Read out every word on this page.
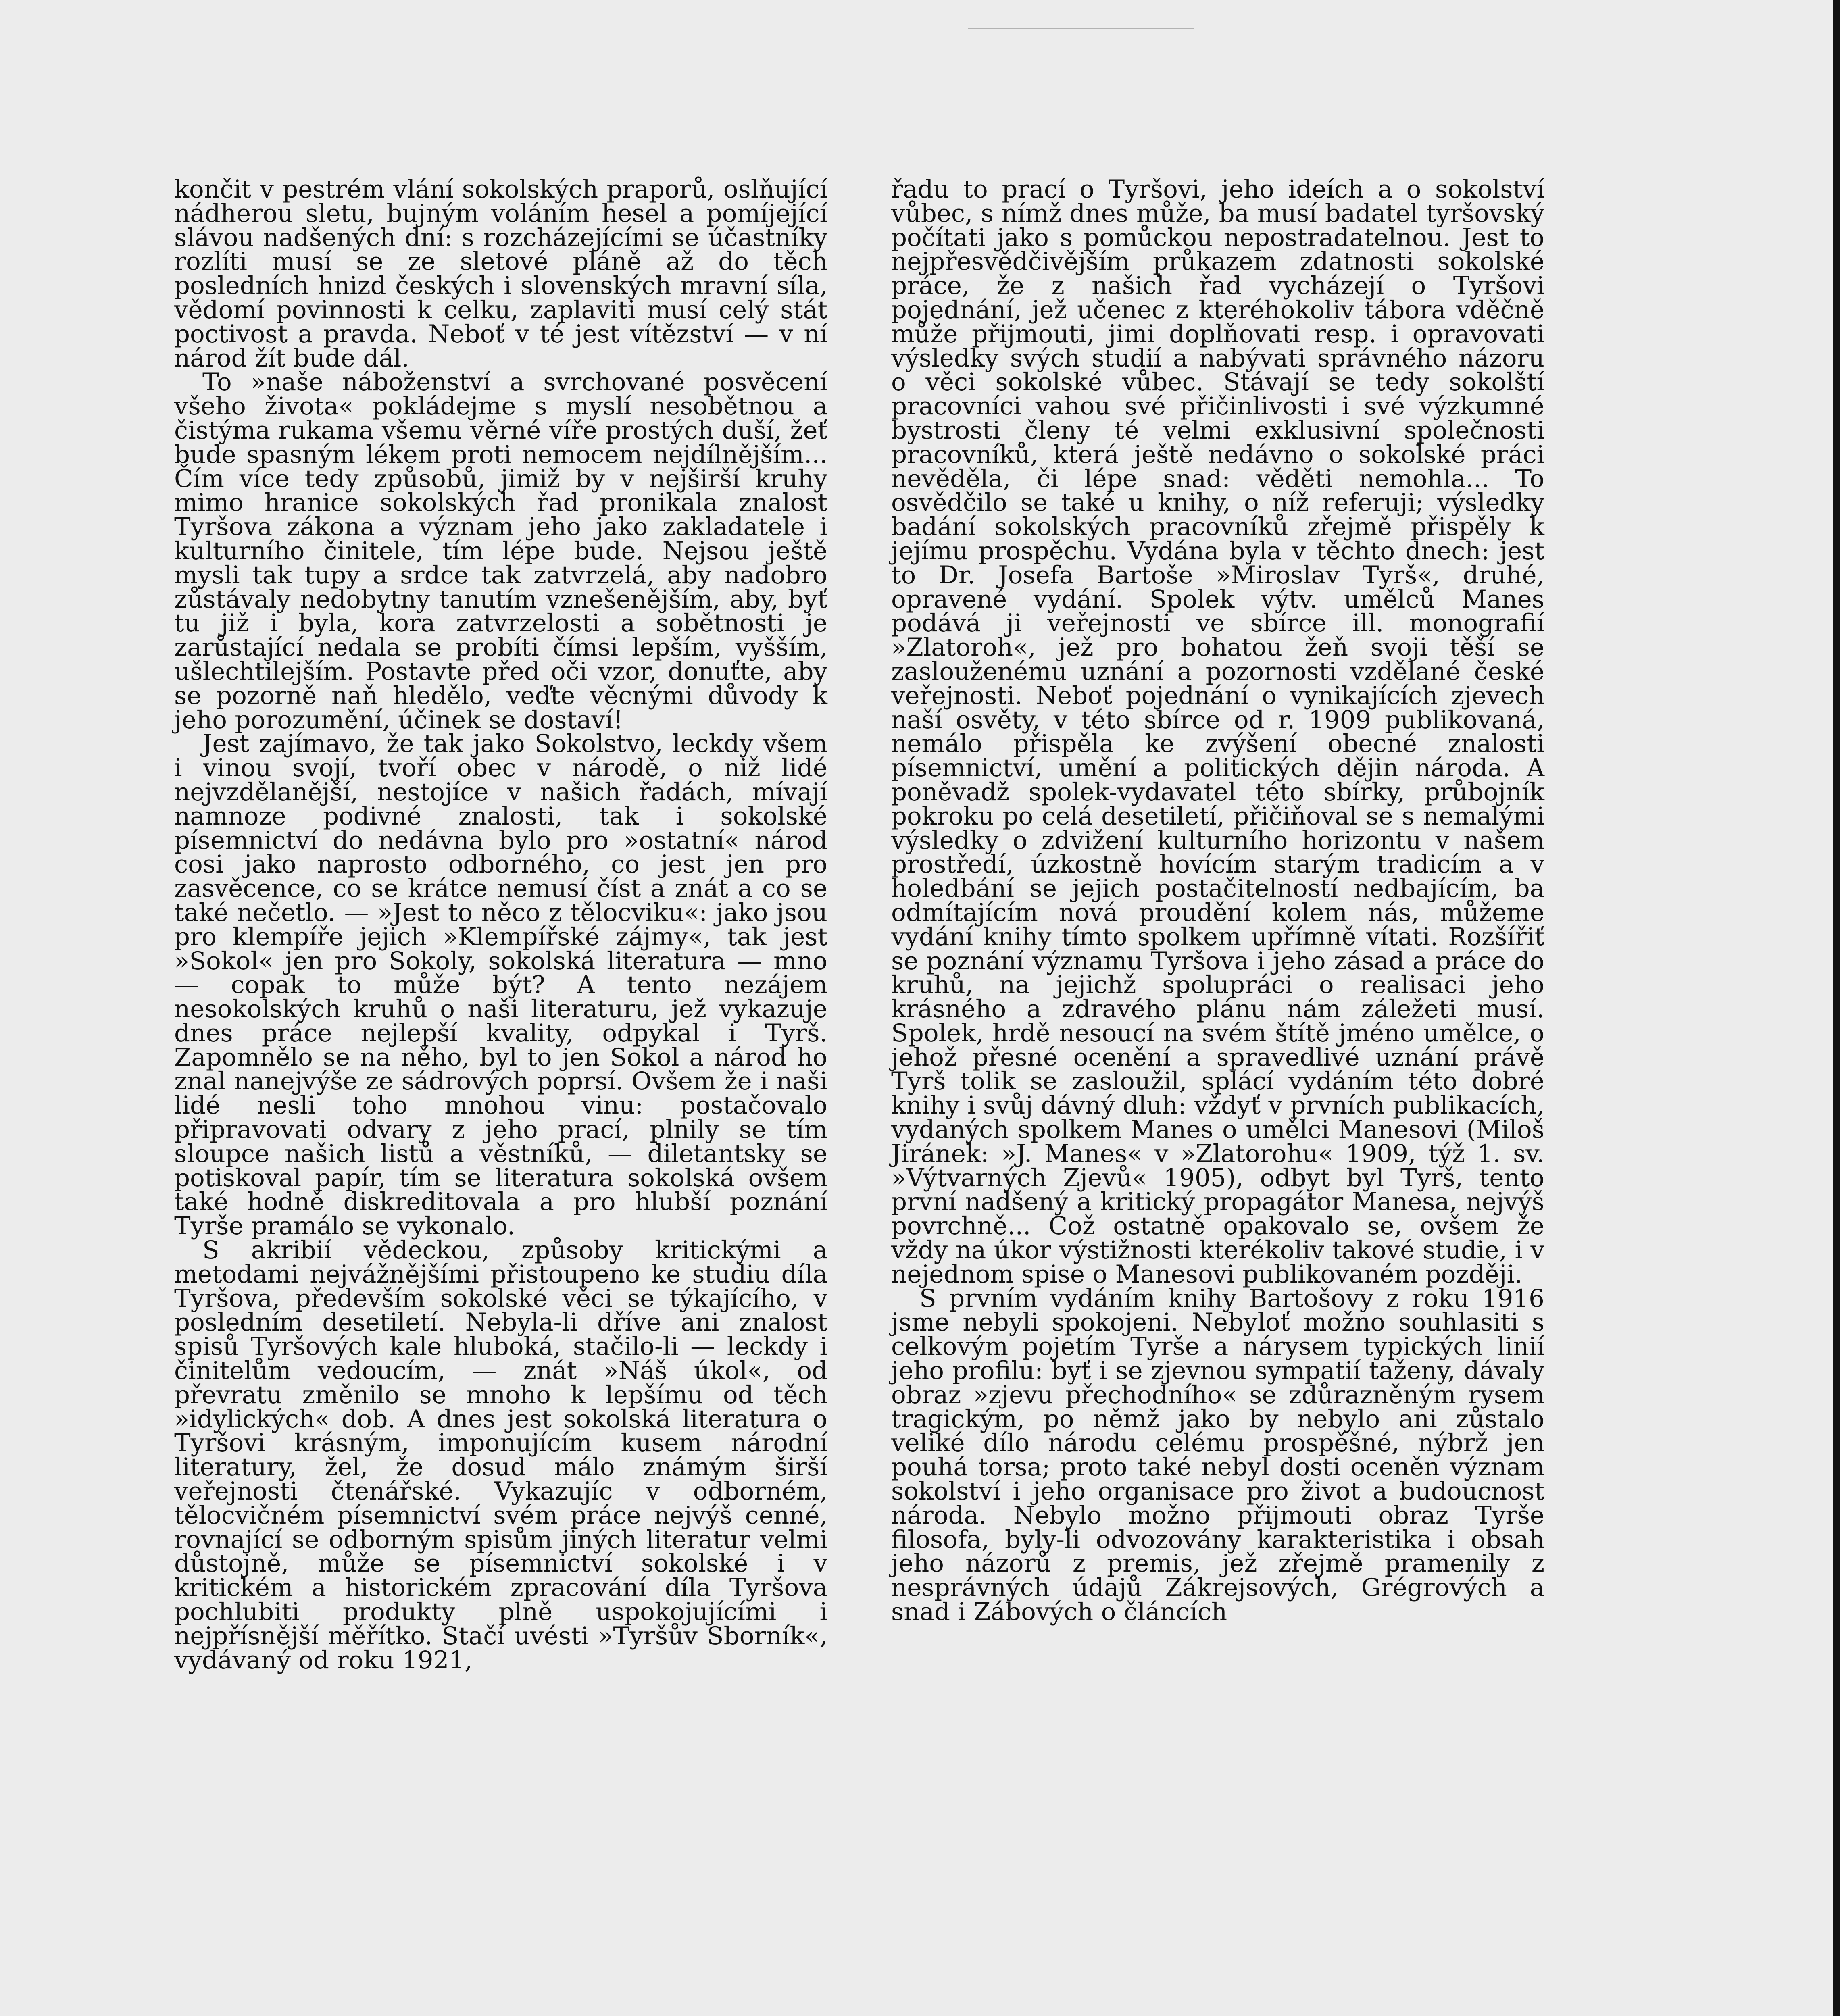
končit v pestrém vlání sokolských praporů, oslňující nádherou sletu, bujným voláním hesel a pomíjející slávou nadšených dní: s rozcházejícími se účastníky rozlíti musí se ze sletové pláně až do těch posledních hnizd českých i slovenských mravní síla, vědomí povinnosti k celku, zaplaviti musí celý stát poctivost a pravda. Neboť v té jest vítězství — v ní národ žít bude dál.

To »naše náboženství a svrchované posvěcení všeho života« pokládejme s myslí nesobětnou a čistýma rukama všemu věrné víře prostých duší, žeť bude spasným lékem proti nemocem nejdílnějším... Čím více tedy způsobů, jimiž by v nejširší kruhy mimo hranice sokolských řad pronikala znalost Tyršova zákona a význam jeho jako zakladatele i kulturního činitele, tím lépe bude. Nejsou ještě mysli tak tupy a srdce tak zatvrzelá, aby nadobro zůstávaly nedobytny tanutím vznešenějším, aby, byť tu již i byla, kora zatvrzelosti a sobětnosti je zarůstající nedala se probíti čímsi lepším, vyšším, ušlechtilejším. Postavte před oči vzor, donuťte, aby se pozorně naň hledělo, veďte věcnými důvody k jeho porozumění, účinek se dostaví!

Jest zajímavo, že tak jako Sokolstvo, leckdy všem i vinou svojí, tvoří obec v národě, o niž lidé nejvzdělanější, nestojíce v našich řadách, mívají namnoze podivné znalosti, tak i sokolské písemnictví do nedávna bylo pro »ostatní« národ cosi jako naprosto odborného, co jest jen pro zasvěcence, co se krátce nemusí číst a znát a co se také nečetlo. — »Jest to něco z tělocviku«: jako jsou pro klempíře jejich »Klempířské zájmy«, tak jest »Sokol« jen pro Sokoly, sokolská literatura — mno — copak to může být? A tento nezájem nesokolských kruhů o naši literaturu, jež vykazuje dnes práce nejlepší kvality, odpykal i Tyrš. Zapomnělo se na něho, byl to jen Sokol a národ ho znal nanejvýše ze sádrových poprsí. Ovšem že i naši lidé nesli toho mnohou vinu: postačovalo připravovati odvary z jeho prací, plnily se tím sloupce našich listů a věstníků, — diletantsky se potiskoval papír, tím se literatura sokolská ovšem také hodně diskreditovala a pro hlubší poznání Tyrše pramálo se vykonalo.

S akribií vědeckou, způsoby kritickými a metodami nejvážnějšími přistoupeno ke studiu díla Tyršova, především sokolské věci se týkajícího, v posledním desetiletí. Nebyla-li dříve ani znalost spisů Tyršových kale hluboká, stačilo-li — leckdy i činitelům vedoucím, — znát »Náš úkol«, od převratu změnilo se mnoho k lepšímu od těch »idylických« dob. A dnes jest sokolská literatura o Tyršovi krásným, imponujícím kusem národní literatury, žel, že dosud málo známým širší veřejnosti čtenářské. Vykazujíc v odborném, tělocvičném písemnictví svém práce nejvýš cenné, rovnající se odborným spisům jiných literatur velmi důstojně, může se písemnictví sokolské i v kritickém a historickém zpracování díla Tyršova pochlubiti produkty plně uspokojujícími i nejpřísnější měřítko. Stačí uvésti »Tyršův Sborník«, vydávaný od roku 1921,

řadu to prací o Tyršovi, jeho ideích a o sokolství vůbec, s nímž dnes může, ba musí badatel tyršovský počítati jako s pomůckou nepostradatelnou. Jest to nejpřesvědčivějším průkazem zdatnosti sokolské práce, že z našich řad vycházejí o Tyršovi pojednání, jež učenec z kteréhokoliv tábora vděčně může přijmouti, jimi doplňovati resp. i opravovati výsledky svých studií a nabývati správného názoru o věci sokolské vůbec. Stávají se tedy sokolští pracovníci vahou své přičinlivosti i své výzkumné bystrosti členy té velmi exklusivní společnosti pracovníků, která ještě nedávno o sokolské práci nevěděla, či lépe snad: věděti nemohla... To osvědčilo se také u knihy, o níž referuji; výsledky badání sokolských pracovníků zřejmě přispěly k jejímu prospěchu. Vydána byla v těchto dnech: jest to Dr. Josefa Bartoše »Miroslav Tyrš«, druhé, opravené vydání. Spolek výtv. umělců Manes podává ji veřejnosti ve sbírce ill. monografií »Zlatoroh«, jež pro bohatou žeň svoji těší se zaslouženému uznání a pozornosti vzdělané české veřejnosti. Neboť pojednání o vynikajících zjevech naší osvěty, v této sbírce od r. 1909 publikovaná, nemálo přispěla ke zvýšení obecné znalosti písemnictví, umění a politických dějin národa. A poněvadž spolek-vydavatel této sbírky, průbojník pokroku po celá desetiletí, přičiňoval se s nemalými výsledky o zdvižení kulturního horizontu v našem prostředí, úzkostně hovícím starým tradicím a v holedbání se jejich postačitelností nedbajícím, ba odmítajícím nová proudění kolem nás, můžeme vydání knihy tímto spolkem upřímně vítati. Rozšířiť se poznání významu Tyršova i jeho zásad a práce do kruhů, na jejichž spolupráci o realisaci jeho krásného a zdravého plánu nám záležeti musí. Spolek, hrdě nesoucí na svém štítě jméno umělce, o jehož přesné ocenění a spravedlivé uznání právě Tyrš tolik se zasloužil, splácí vydáním této dobré knihy i svůj dávný dluh: vždyť v prvních publikacích, vydaných spolkem Manes o umělci Manesovi (Miloš Jiránek: »J. Manes« v »Zlatorohu« 1909, týž 1. sv. »Výtvarných Zjevů« 1905), odbyt byl Tyrš, tento první nadšený a kritický propagátor Manesa, nejvýš povrchně... Což ostatně opakovalo se, ovšem že vždy na úkor výstižnosti kterékoliv takové studie, i v nejednom spise o Manesovi publikovaném později.

S prvním vydáním knihy Bartošovy z roku 1916 jsme nebyli spokojeni. Nebyloť možno souhlasiti s celkovým pojetím Tyrše a nárysem typických linií jeho profilu: byť i se zjevnou sympatií taženy, dávaly obraz »zjevu přechodního« se zdůrazněným rysem tragickým, po němž jako by nebylo ani zůstalo veliké dílo národu celému prospěšné, nýbrž jen pouhá torsa; proto také nebyl dosti oceněn význam sokolství i jeho organisace pro život a budoucnost národa. Nebylo možno přijmouti obraz Tyrše filosofa, byly-li odvozovány karakteristika i obsah jeho názorů z premis, jež zřejmě pramenily z nesprávných údajů Zákrejsových, Grégrových a snad i Zábových o článcích
